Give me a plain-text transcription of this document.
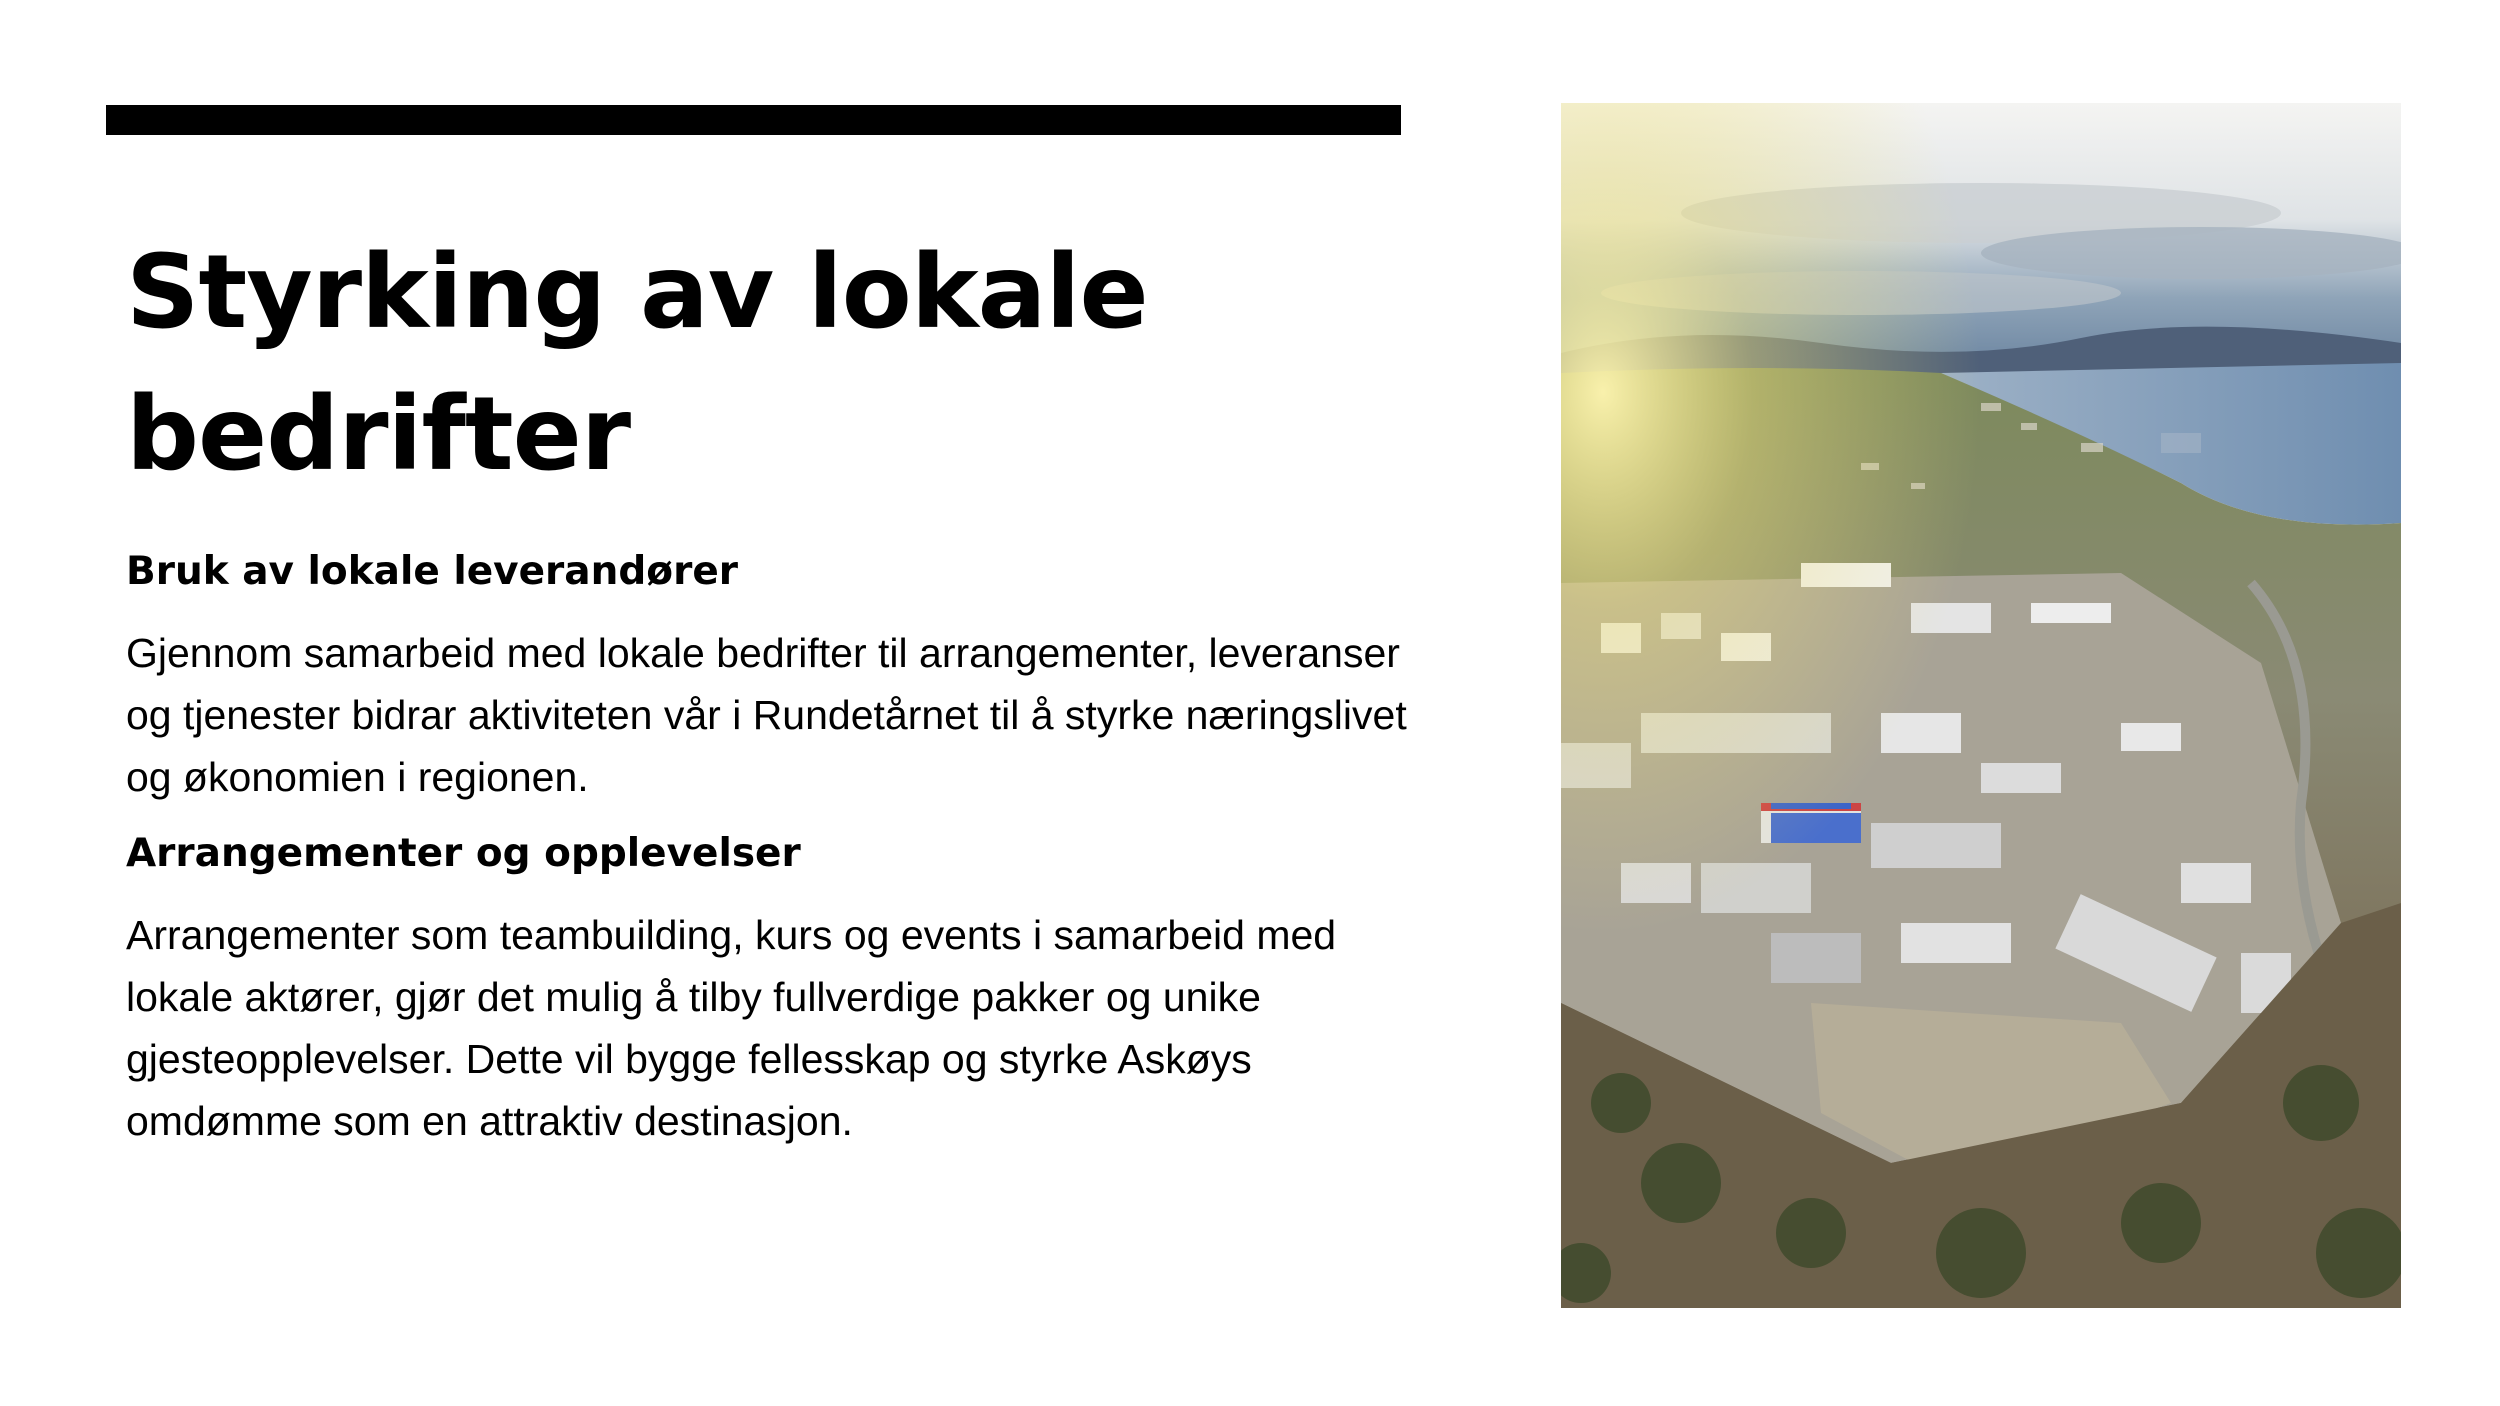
Styrking av lokale bedrifter
Bruk av lokale leverandører

Gjennom samarbeid med lokale bedrifter til arrangementer, leveranser og tjenester bidrar aktiviteten vår i Rundetårnet til å styrke næringslivet og økonomien i regionen.

Arrangementer og opplevelser

Arrangementer som teambuilding, kurs og events i samarbeid med lokale aktører, gjør det mulig å tilby fullverdige pakker og unike gjesteopplevelser. Dette vil bygge fellesskap og styrke Askøys omdømme som en attraktiv destinasjon.
